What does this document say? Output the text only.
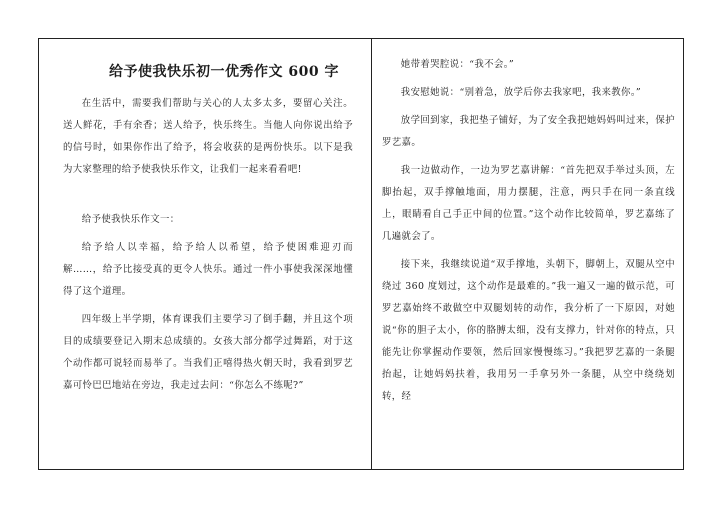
给予使我快乐初一优秀作文 600 字

在生活中，需要我们帮助与关心的人太多太多，要留心关注。送人鲜花，手有余香；送人给予，快乐终生。当他人向你说出给予的信号时，如果你作出了给予，将会收获的是两份快乐。以下是我为大家整理的给予使我快乐作文，让我们一起来看看吧!

给予使我快乐作文一：

给予给人以幸福，给予给人以希望，给予使困难迎刃而解……，给予比接受真的更令人快乐。通过一件小事使我深深地懂得了这个道理。

四年级上半学期，体育课我们主要学习了倒手翻，并且这个项目的成绩要登记入期末总成绩的。女孩大部分都学过舞蹈，对于这个动作都可说轻而易举了。当我们正嘻得热火朝天时，我看到罗艺嘉可怜巴巴地站在旁边，我走过去问：“你怎么不练呢?”

她带着哭腔说：“我不会。”

我安慰她说：“别着急，放学后你去我家吧，我来教你。”

放学回到家，我把垫子铺好，为了安全我把她妈妈叫过来，保护罗艺嘉。

我一边做动作，一边为罗艺嘉讲解：“首先把双手举过头顶，左脚抬起，双手撑触地面，用力摆腿，注意，两只手在同一条直线上，眼睛看自己手正中间的位置。”这个动作比较简单，罗艺嘉练了几遍就会了。

接下来，我继续说道“双手撑地，头朝下，脚朝上，双腿从空中绕过 360 度划过，这个动作是最难的。”我一遍又一遍的做示范，可罗艺嘉始终不敢做空中双腿划转的动作，我分析了一下原因，对她说“你的胆子太小，你的胳膊太细，没有支撑力，针对你的特点，只能先让你掌握动作要领，然后回家慢慢练习。”我把罗艺嘉的一条腿抬起，让她妈妈扶着，我用另一手拿另外一条腿，从空中绕绕划转，经
